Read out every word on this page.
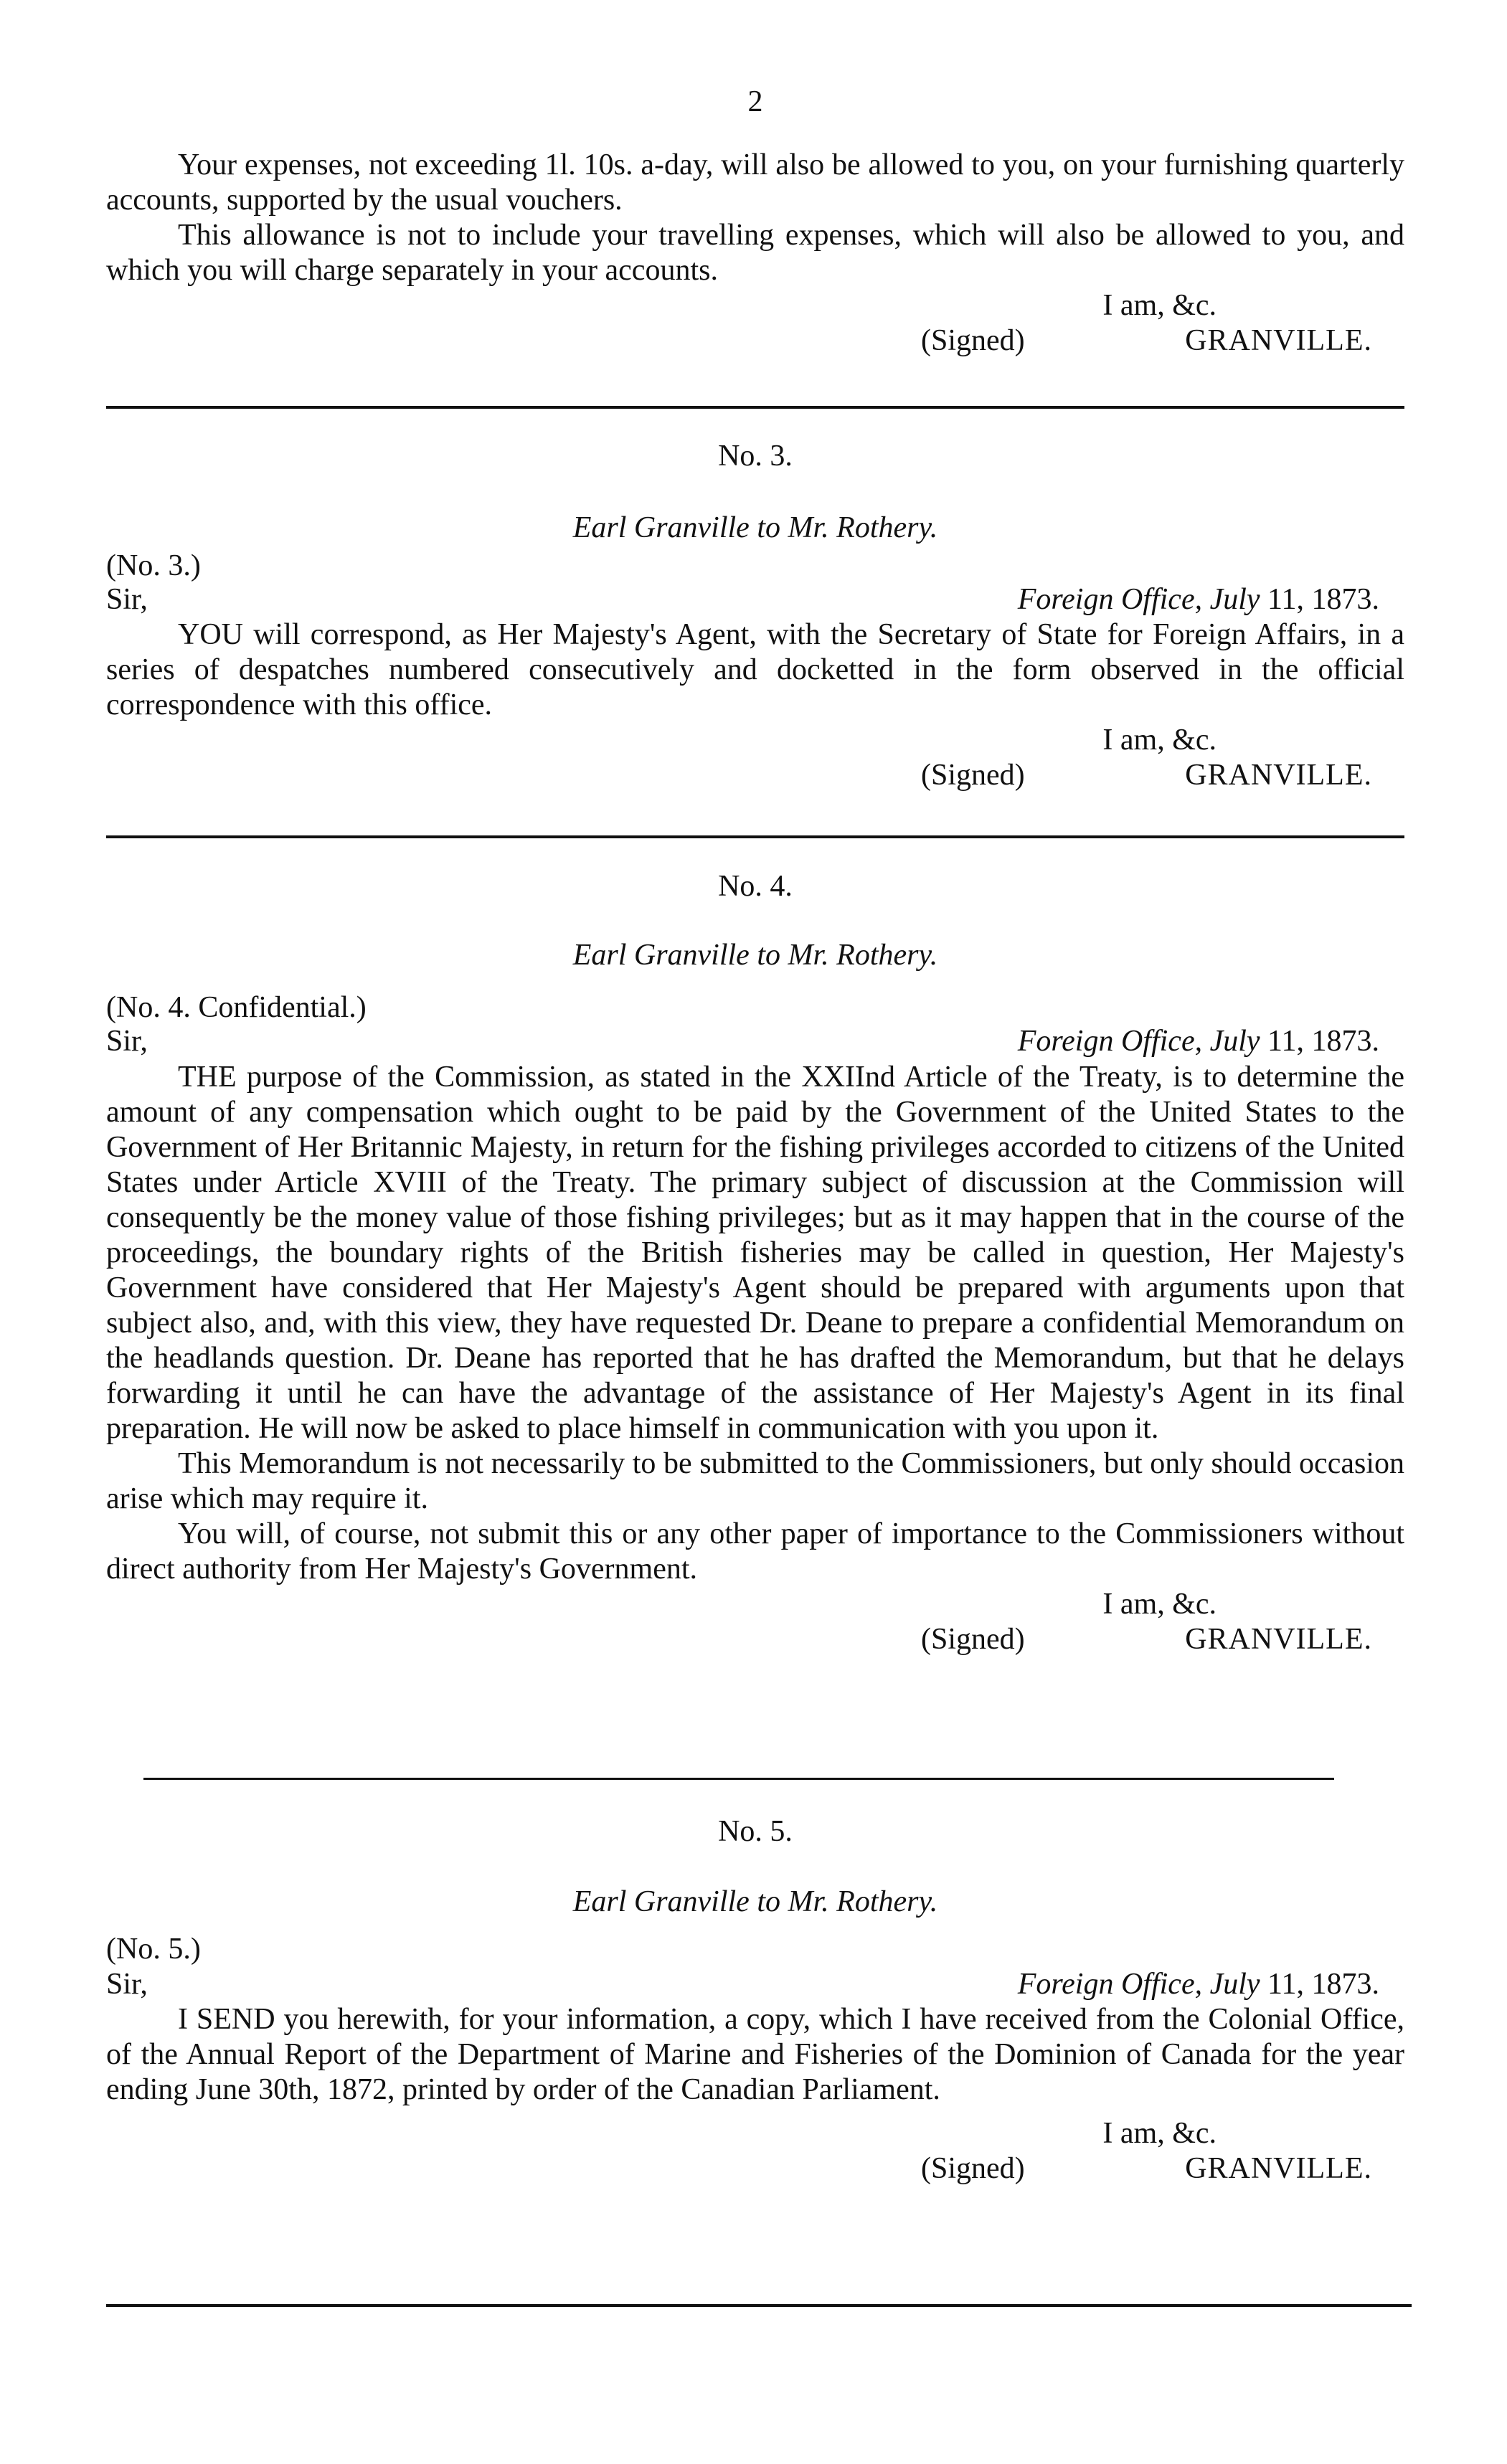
2

Your expenses, not exceeding 1l. 10s. a-day, will also be allowed to you, on your furnishing quarterly accounts, supported by the usual vouchers.

This allowance is not to include your travelling expenses, which will also be allowed to you, and which you will charge separately in your accounts.

I am, &c.

(Signed)	GRANVILLE.
No. 3.
Earl Granville to Mr. Rothery.
(No. 3.)
Sir,	Foreign Office, July 11, 1873.

YOU will correspond, as Her Majesty's Agent, with the Secretary of State for Foreign Affairs, in a series of despatches numbered consecutively and docketted in the form observed in the official correspondence with this office.

I am, &c.

(Signed)	GRANVILLE.
No. 4.
Earl Granville to Mr. Rothery.
(No. 4. Confidential.)
Sir,	Foreign Office, July 11, 1873.

THE purpose of the Commission, as stated in the XXIInd Article of the Treaty, is to determine the amount of any compensation which ought to be paid by the Government of the United States to the Government of Her Britannic Majesty, in return for the fishing privileges accorded to citizens of the United States under Article XVIII of the Treaty. The primary subject of discussion at the Commission will consequently be the money value of those fishing privileges; but as it may happen that in the course of the proceedings, the boundary rights of the British fisheries may be called in question, Her Majesty's Government have considered that Her Majesty's Agent should be prepared with arguments upon that subject also, and, with this view, they have requested Dr. Deane to prepare a confidential Memorandum on the headlands question. Dr. Deane has reported that he has drafted the Memorandum, but that he delays forwarding it until he can have the advantage of the assistance of Her Majesty's Agent in its final preparation. He will now be asked to place himself in communication with you upon it.

This Memorandum is not necessarily to be submitted to the Commissioners, but only should occasion arise which may require it.

You will, of course, not submit this or any other paper of importance to the Commissioners without direct authority from Her Majesty's Government.

I am, &c.

(Signed)	GRANVILLE.
No. 5.
Earl Granville to Mr. Rothery.
(No. 5.)
Sir,	Foreign Office, July 11, 1873.

I SEND you herewith, for your information, a copy, which I have received from the Colonial Office, of the Annual Report of the Department of Marine and Fisheries of the Dominion of Canada for the year ending June 30th, 1872, printed by order of the Canadian Parliament.

I am, &c.

(Signed)	GRANVILLE.
